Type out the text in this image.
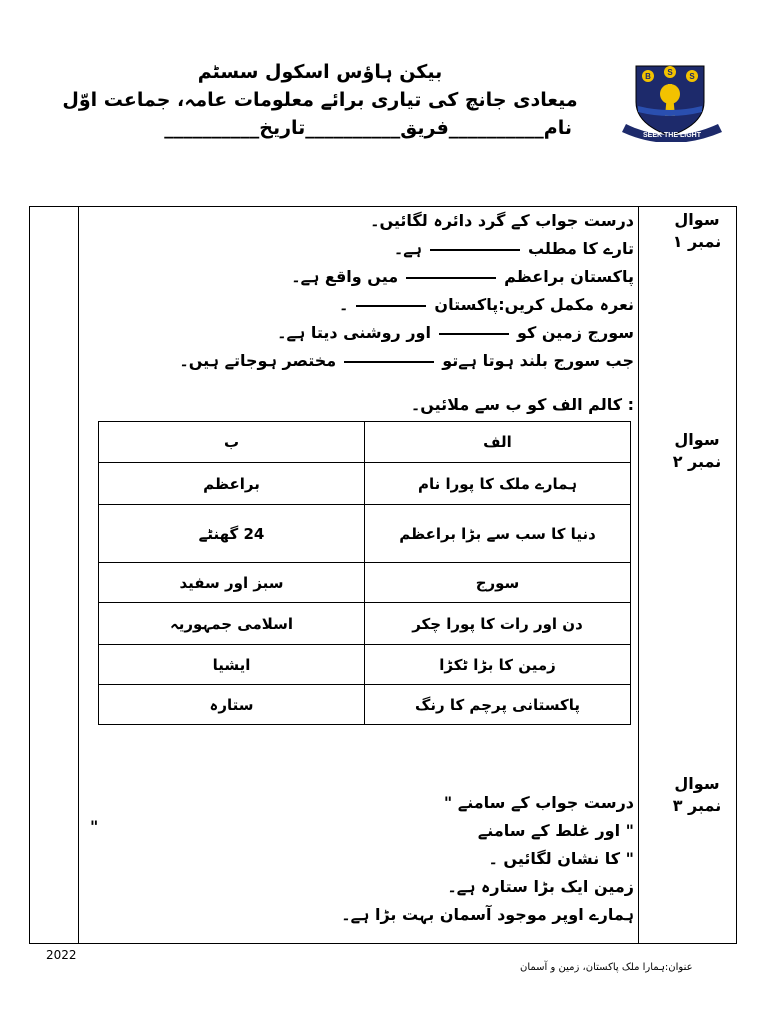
بیکن ہاؤس اسکول سسٹم
میعادی جانچ کی تیاری برائے معلومات عامہ، جماعت اوّل
نام__________فریق__________تاریخ__________
B S S
SEEK THE LIGHT
سوال نمبر ۱
سوال نمبر ۲
سوال نمبر ۳
درست جواب کے گرد دائرہ لگائیں۔
تارے کا مطلبہے۔
پاکستان براعظممیں واقع ہے۔
نعرہ مکمل کریں:پاکستان۔
سورج زمین کواور روشنی دیتا ہے۔
جب سورج بلند ہوتا ہےتومختصر ہوجاتے ہیں۔
: کالم الف کو ب سے ملائیں۔
الف	ب
ہمارے ملک کا پورا نام	براعظم
دنیا کا سب سے بڑا براعظم	24 گھنٹے
سورج	سبز اور سفید
دن اور رات کا پورا چکر	اسلامی جمہوریہ
زمین کا بڑا ٹکڑا	ایشیا
پاکستانی پرچم کا رنگ	ستارہ
درست جواب کے سامنے "
" اور غلط کے سامنے
" کا نشان لگائیں ۔
زمین ایک بڑا ستارہ ہے۔
ہمارے اوپر موجود آسمان بہت بڑا ہے۔
"
2022
عنوان:ہمارا ملک پاکستان، زمین و آسمان
